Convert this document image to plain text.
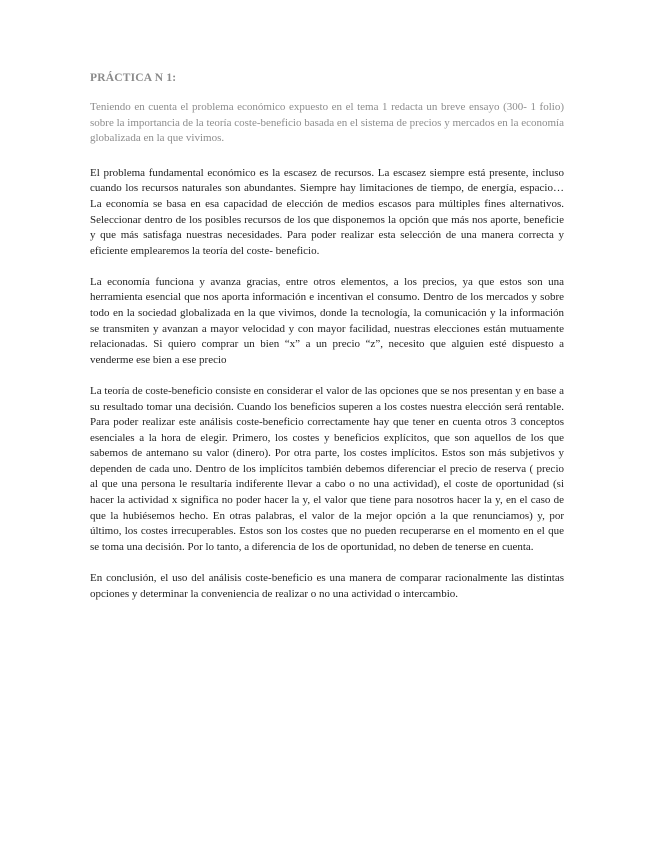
PRÁCTICA N 1:
Teniendo en cuenta el problema económico expuesto en el tema 1 redacta un breve ensayo (300- 1 folio) sobre la importancia de la teoría coste-beneficio basada en el sistema de precios y mercados en la economía globalizada en la que vivimos.
El problema fundamental económico es la escasez de recursos. La escasez siempre está presente, incluso cuando los recursos naturales son abundantes. Siempre hay limitaciones de tiempo, de energía, espacio… La economía se basa en esa capacidad de elección de medios escasos para múltiples fines alternativos. Seleccionar dentro de los posibles recursos de los que disponemos la opción que más nos aporte, beneficie y que más satisfaga nuestras necesidades. Para poder realizar esta selección de una manera correcta y eficiente emplearemos la teoría del coste- beneficio.
La economía funciona y avanza gracias, entre otros elementos, a los precios, ya que estos son una herramienta esencial que nos aporta información e incentivan el consumo. Dentro de los mercados y sobre todo en la sociedad globalizada en la que vivimos, donde la tecnología, la comunicación y la información se transmiten y avanzan a mayor velocidad y con mayor facilidad, nuestras elecciones están mutuamente relacionadas. Si quiero comprar un bien “x” a un precio “z”, necesito que alguien esté dispuesto a venderme ese bien a ese precio
La teoría de coste-beneficio consiste en considerar el valor de las opciones que se nos presentan y en base a su resultado tomar una decisión. Cuando los beneficios superen a los costes nuestra elección será rentable. Para poder realizar este análisis coste-beneficio correctamente hay que tener en cuenta otros 3 conceptos esenciales a la hora de elegir. Primero, los costes y beneficios explícitos, que son aquellos de los que sabemos de antemano su valor (dinero). Por otra parte, los costes implícitos. Estos son más subjetivos y dependen de cada uno. Dentro de los implícitos también debemos diferenciar el precio de reserva ( precio al que una persona le resultaría indiferente llevar a cabo o no una actividad), el coste de oportunidad (si hacer la actividad x significa no poder hacer la y, el valor que tiene para nosotros hacer la y, en el caso de que la hubiésemos hecho. En otras palabras, el valor de la mejor opción a la que renunciamos) y, por último, los costes irrecuperables. Estos son los costes que no pueden recuperarse en el momento en el que se toma una decisión. Por lo tanto, a diferencia de los de oportunidad, no deben de tenerse en cuenta.
En conclusión, el uso del análisis coste-beneficio es una manera de comparar racionalmente las distintas opciones y determinar la conveniencia de realizar o no una actividad o intercambio.
